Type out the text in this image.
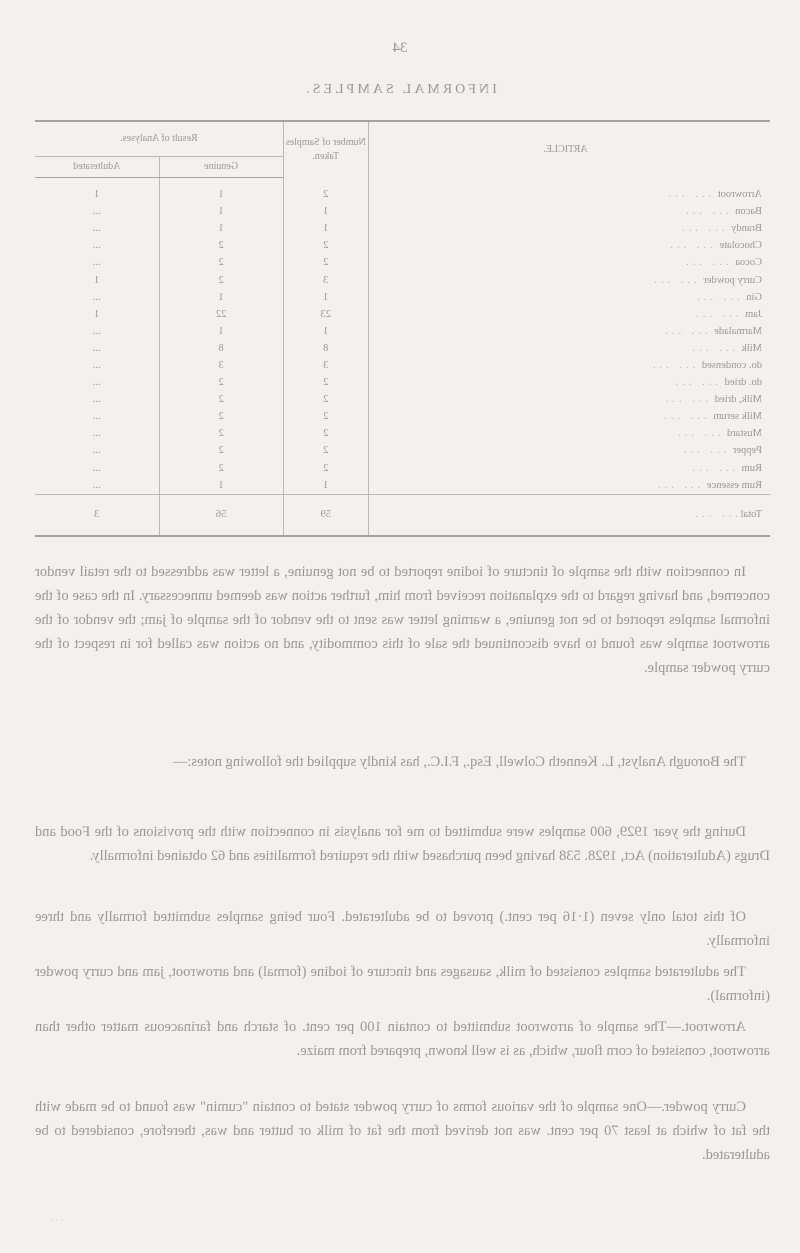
34
INFORMAL SAMPLES.
ARTICLE.	Number of Samples Taken.	Result of Analyses.	
		Genuine	Adulterated
Arrowroot ... ...	2	1	1
Bacon ... ...	1	1	...
Brandy ... ...	1	1	...
Chocolate ... ...	2	2	...
Cocoa ... ...	2	2	...
Curry powder ... ...	3	2	1
Gin ... ...	1	1	...
Jam ... ...	23	22	1
Marmalade ... ...	1	1	...
Milk ... ...	8	8	...
do. condensed ... ...	3	3	...
do. dried ... ...	2	2	...
Milk, dried ... ...	2	2	...
Milk serum ... ...	2	2	...
Mustard ... ...	2	2	...
Pepper ... ...	2	2	...
Rum ... ...	2	2	...
Rum essence ... ...	1	1	...
Total ... ...	59	56	3

In connection with the sample of tincture of iodine reported to be not genuine, a letter was addressed to the retail vendor concerned, and having regard to the explanation received from him, further action was deemed unnecessary. In the case of the informal samples reported to be not genuine, a warning letter was sent to the vendor of the sample of jam; the vendor of the arrowroot sample was found to have discontinued the sale of this commodity, and no action was called for in respect of the curry powder sample.

The Borough Analyst, L. Kenneth Colwell, Esq., F.I.C., has kindly supplied the following notes:—

During the year 1929, 600 samples were submitted to me for analysis in connection with the provisions of the Food and Drugs (Adulteration) Act, 1928. 538 having been purchased with the required formalities and 62 obtained informally.

Of this total only seven (1·16 per cent.) proved to be adulterated. Four being samples submitted formally and three informally.

The adulterated samples consisted of milk, sausages and tincture of iodine (formal) and arrowroot, jam and curry powder (informal).

Arrowroot.—The sample of arrowroot submitted to contain 100 per cent. of starch and farinaceous matter other than arrowroot, consisted of corn flour, which, as is well known, prepared from maize.

Curry powder.—One sample of the various forms of curry powder stated to contain "cumin" was found to be made with the fat of which at least 70 per cent. was not derived from the fat of milk or butter and was, therefore, considered to be adulterated.

· · ·
